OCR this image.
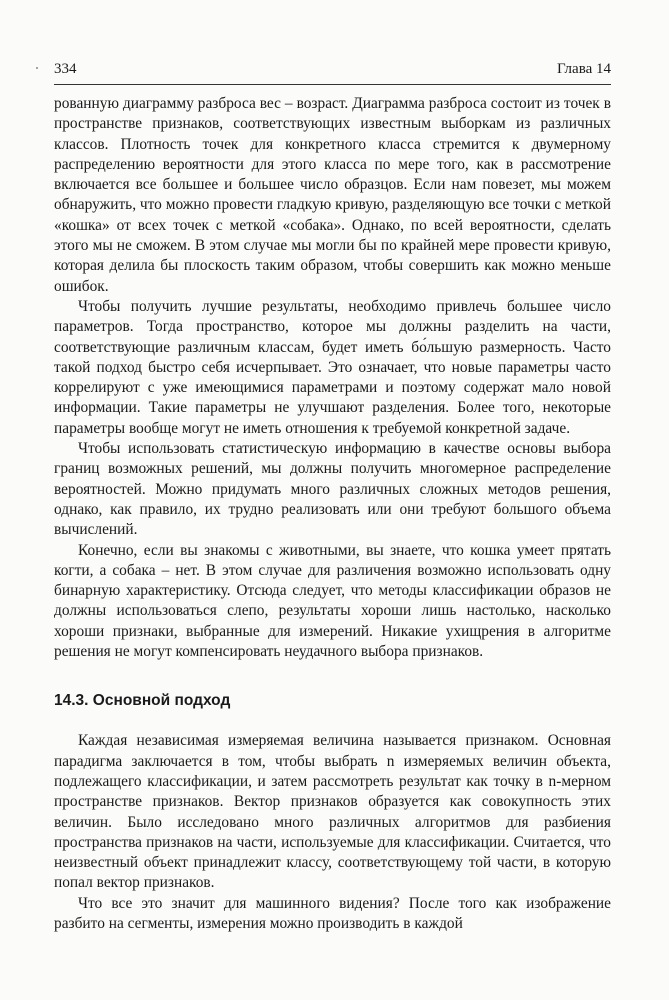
334	Глава 14

рованную диаграмму разброса вес – возраст. Диаграмма разброса состоит из точек в пространстве признаков, соответствующих известным выборкам из различных классов. Плотность точек для конкретного класса стремится к двумерному распределению вероятности для этого класса по мере того, как в рассмотрение включается все большее и большее число образцов. Если нам повезет, мы можем обнаружить, что можно провести гладкую кривую, разделяющую все точки с меткой «кошка» от всех точек с меткой «собака». Однако, по всей вероятности, сделать этого мы не сможем. В этом случае мы могли бы по крайней мере провести кривую, которая делила бы плоскость таким образом, чтобы совершить как можно меньше ошибок.

Чтобы получить лучшие результаты, необходимо привлечь большее число параметров. Тогда пространство, которое мы должны разделить на части, соответствующие различным классам, будет иметь бо́льшую размерность. Часто такой подход быстро себя исчерпывает. Это означает, что новые параметры часто коррелируют с уже имеющимися параметрами и поэтому содержат мало новой информации. Такие параметры не улучшают разделения. Более того, некоторые параметры вообще могут не иметь отношения к требуемой конкретной задаче.

Чтобы использовать статистическую информацию в качестве основы выбора границ возможных решений, мы должны получить многомерное распределение вероятностей. Можно придумать много различных сложных методов решения, однако, как правило, их трудно реализовать или они требуют большого объема вычислений.

Конечно, если вы знакомы с животными, вы знаете, что кошка умеет прятать когти, а собака – нет. В этом случае для различения возможно использовать одну бинарную характеристику. Отсюда следует, что методы классификации образов не должны использоваться слепо, результаты хороши лишь настолько, насколько хороши признаки, выбранные для измерений. Никакие ухищрения в алгоритме решения не могут компенсировать неудачного выбора признаков.

14.3. Основной подход

Каждая независимая измеряемая величина называется признаком. Основная парадигма заключается в том, чтобы выбрать n измеряемых величин объекта, подлежащего классификации, и затем рассмотреть результат как точку в n-мерном пространстве признаков. Вектор признаков образуется как совокупность этих величин. Было исследовано много различных алгоритмов для разбиения пространства признаков на части, используемые для классификации. Считается, что неизвестный объект принадлежит классу, соответствующему той части, в которую попал вектор признаков.

Что все это значит для машинного видения? После того как изображение разбито на сегменты, измерения можно производить в каждой
